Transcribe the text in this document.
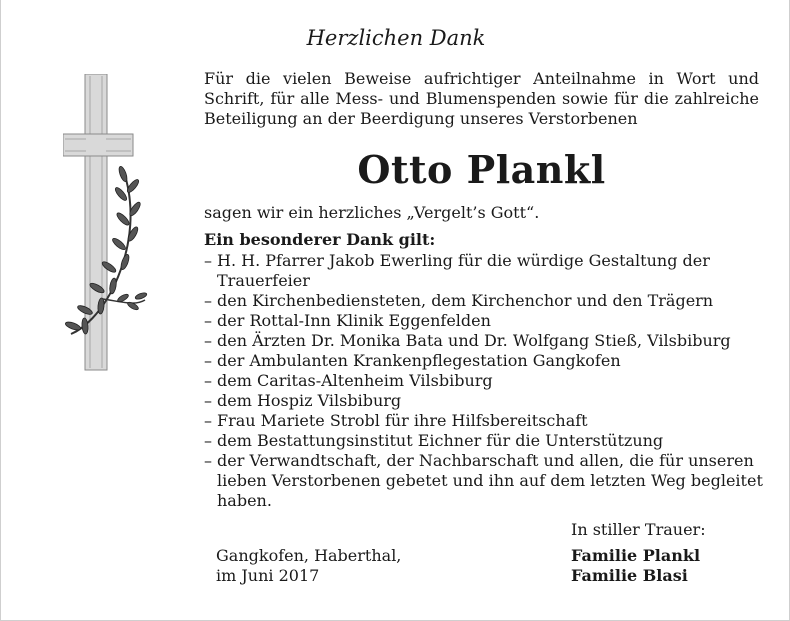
Herzlichen Dank
Für die vielen Beweise aufrichtiger Anteilnahme in Wort und Schrift, für alle Mess- und Blumenspenden sowie für die zahlreiche Beteiligung an der Beerdigung unseres Verstorbenen
Otto Plankl
sagen wir ein herzliches „Vergelt’s Gott“.
Ein besonderer Dank gilt:
– H. H. Pfarrer Jakob Ewerling für die würdige Gestaltung der Trauerfeier
– den Kirchenbediensteten, dem Kirchenchor und den Trägern
– der Rottal-Inn Klinik Eggenfelden
– den Ärzten Dr. Monika Bata und Dr. Wolfgang Stieß, Vilsbiburg
– der Ambulanten Krankenpflegestation Gangkofen
– dem Caritas-Altenheim Vilsbiburg
– dem Hospiz Vilsbiburg
– Frau Mariete Strobl für ihre Hilfsbereitschaft
– dem Bestattungsinstitut Eichner für die Unterstützung
– der Verwandtschaft, der Nachbarschaft und allen, die für unseren lieben Verstorbenen gebetet und ihn auf dem letzten Weg begleitet haben.
In stiller Trauer:
Gangkofen, Haberthal,
im Juni 2017
Familie Plankl
Familie Blasi
